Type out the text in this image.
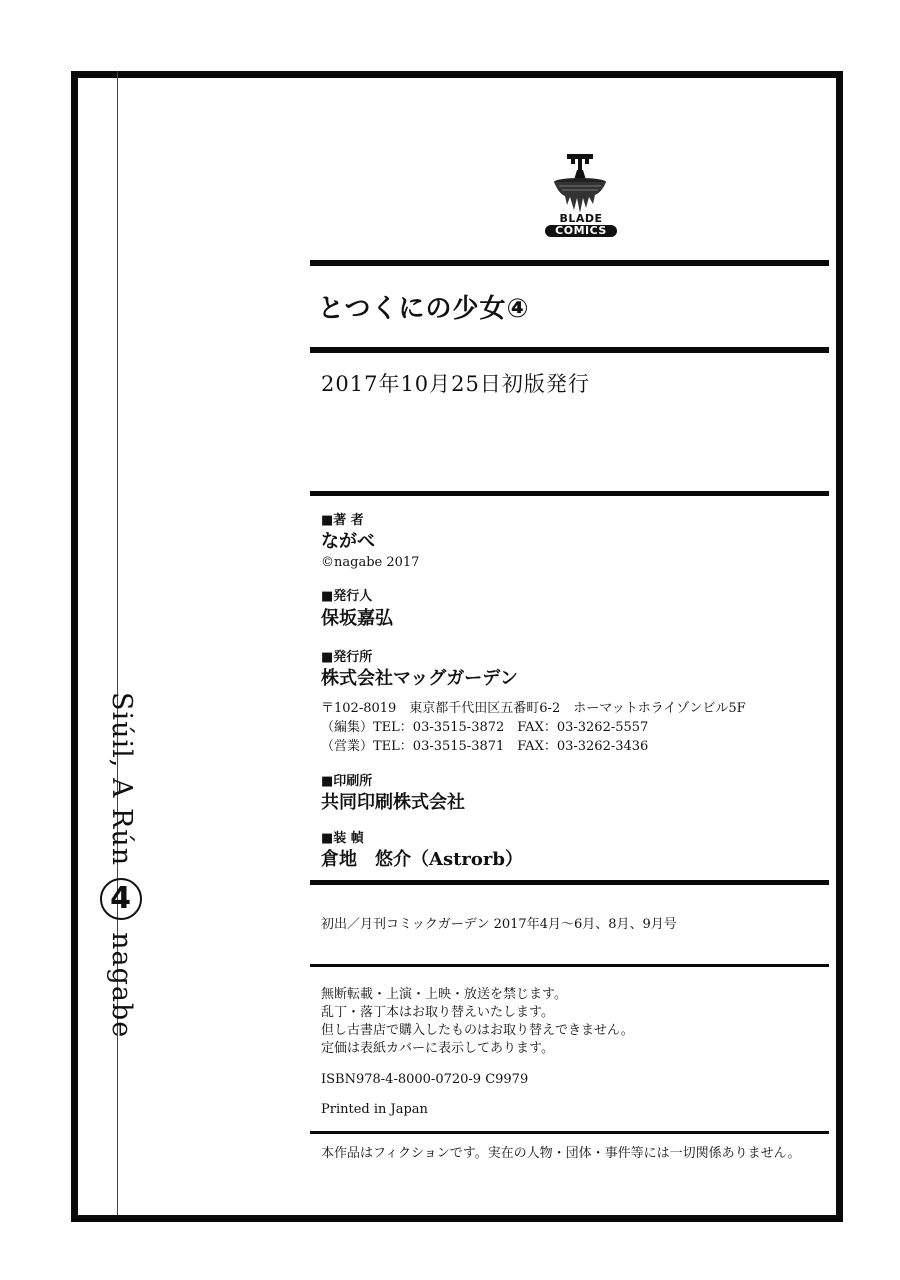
Siúil, A Rún
4
nagabe
BLADE
COMICS
とつくにの少女④
2017年10月25日初版発行
■著 者
ながべ
©nagabe 2017
■発行人
保坂嘉弘
■発行所
株式会社マッグガーデン
〒102-8019　東京都千代田区五番町6-2　ホーマットホライゾンビル5F
（編集）TEL：03-3515-3872　FAX：03-3262-5557
（営業）TEL：03-3515-3871　FAX：03-3262-3436
■印刷所
共同印刷株式会社
■装 幀
倉地　悠介（Astrorb）
初出／月刊コミックガーデン 2017年4月～6月、8月、9月号
無断転載・上演・上映・放送を禁じます。
乱丁・落丁本はお取り替えいたします。
但し古書店で購入したものはお取り替えできません。
定価は表紙カバーに表示してあります。
ISBN978-4-8000-0720-9 C9979
Printed in Japan
本作品はフィクションです。実在の人物・団体・事件等には一切関係ありません。
